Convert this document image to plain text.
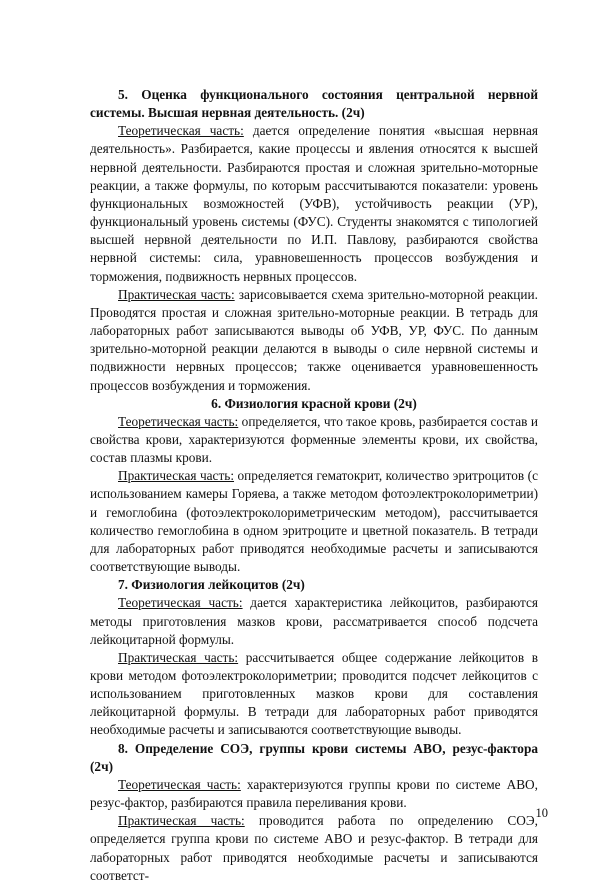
5. Оценка функционального состояния центральной нервной системы. Высшая нервная деятельность. (2ч)

Теоретическая часть: дается определение понятия «высшая нервная деятельность». Разбирается, какие процессы и явления относятся к высшей нервной деятельности. Разбираются простая и сложная зрительно-моторные реакции, а также формулы, по которым рассчитываются показатели: уровень функциональных возможностей (УФВ), устойчивость реакции (УР), функциональный уровень системы (ФУС). Студенты знакомятся с типологией высшей нервной деятельности по И.П. Павлову, разбираются свойства нервной системы: сила, уравновешенность процессов возбуждения и торможения, подвижность нервных процессов.

Практическая часть: зарисовывается схема зрительно-моторной реакции. Проводятся простая и сложная зрительно-моторные реакции. В тетрадь для лабораторных работ записываются выводы об УФВ, УР, ФУС. По данным зрительно-моторной реакции делаются в выводы о силе нервной системы и подвижности нервных процессов; также оценивается уравновешенность процессов возбуждения и торможения.

6. Физиология красной крови (2ч)

Теоретическая часть: определяется, что такое кровь, разбирается состав и свойства крови, характеризуются форменные элементы крови, их свойства, состав плазмы крови.

Практическая часть: определяется гематокрит, количество эритроцитов (с использованием камеры Горяева, а также методом фотоэлектроколориметрии) и гемоглобина (фотоэлектроколориметрическим методом), рассчитывается количество гемоглобина в одном эритроците и цветной показатель. В тетради для лабораторных работ приводятся необходимые расчеты и записываются соответствующие выводы.

7. Физиология лейкоцитов (2ч)

Теоретическая часть: дается характеристика лейкоцитов, разбираются методы приготовления мазков крови, рассматривается способ подсчета лейкоцитарной формулы.

Практическая часть: рассчитывается общее содержание лейкоцитов в крови методом фотоэлектроколориметрии; проводится подсчет лейкоцитов с использованием приготовленных мазков крови для составления лейкоцитарной формулы. В тетради для лабораторных работ приводятся необходимые расчеты и записываются соответствующие выводы.

8. Определение СОЭ, группы крови системы АВО, резус-фактора (2ч)

Теоретическая часть: характеризуются группы крови по системе АВО, резус-фактор, разбираются правила переливания крови.

Практическая часть: проводится работа по определению СОЭ, определяется группа крови по системе АВО и резус-фактор. В тетради для лабораторных работ приводятся необходимые расчеты и записываются соответст-

10
